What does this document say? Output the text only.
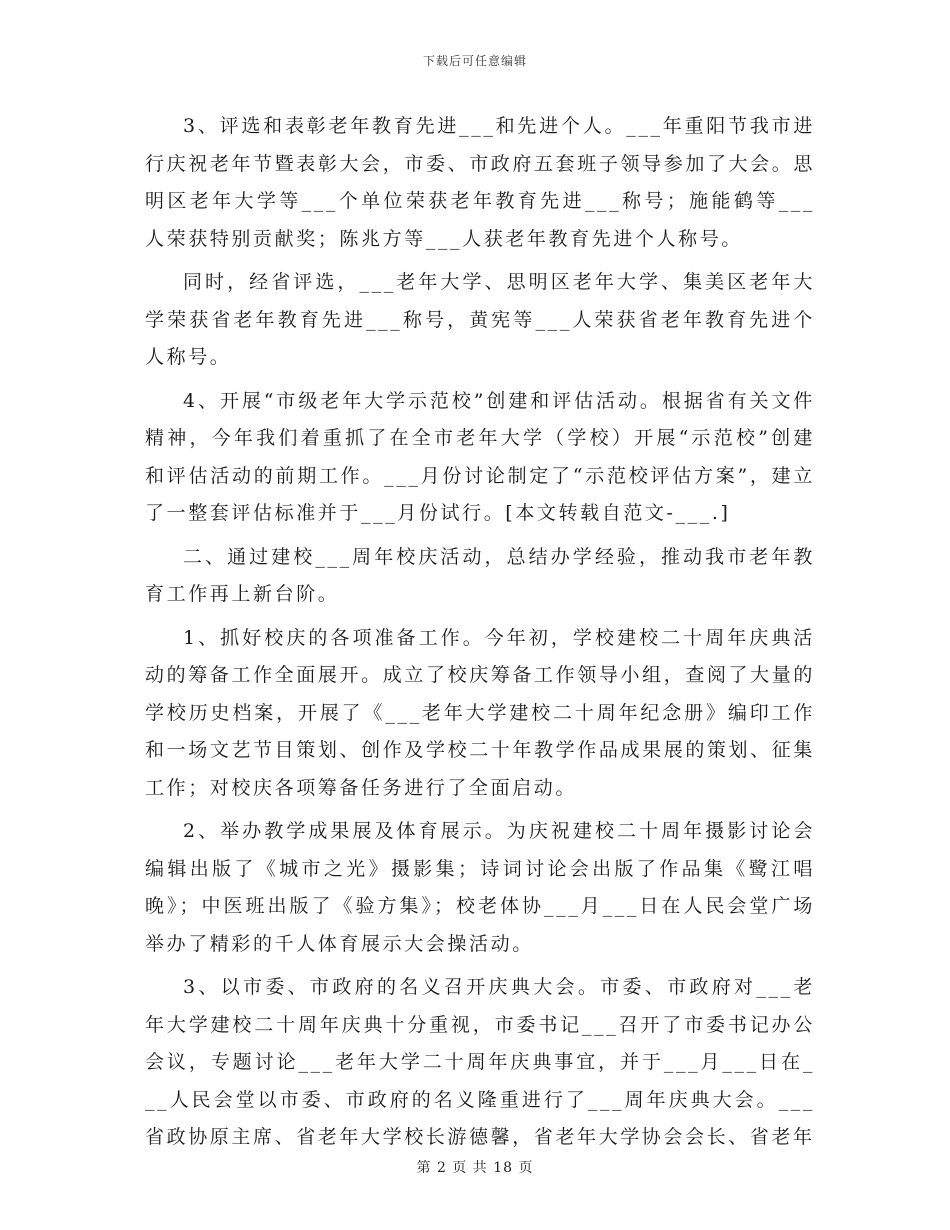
下载后可任意编辑

3、评选和表彰老年教育先进___和先进个人。___年重阳节我市进行庆祝老年节暨表彰大会，市委、市政府五套班子领导参加了大会。思明区老年大学等___个单位荣获老年教育先进___称号；施能鹤等___人荣获特别贡献奖；陈兆方等___人获老年教育先进个人称号。

同时，经省评选，___老年大学、思明区老年大学、集美区老年大学荣获省老年教育先进___称号，黄宪等___人荣获省老年教育先进个人称号。

4、开展“市级老年大学示范校”创建和评估活动。根据省有关文件精神，今年我们着重抓了在全市老年大学（学校）开展“示范校”创建和评估活动的前期工作。___月份讨论制定了“示范校评估方案”，建立了一整套评估标准并于___月份试行。[本文转载自范文-___.]

二、通过建校___周年校庆活动，总结办学经验，推动我市老年教育工作再上新台阶。

1、抓好校庆的各项准备工作。今年初，学校建校二十周年庆典活动的筹备工作全面展开。成立了校庆筹备工作领导小组，查阅了大量的学校历史档案，开展了《___老年大学建校二十周年纪念册》编印工作和一场文艺节目策划、创作及学校二十年教学作品成果展的策划、征集工作；对校庆各项筹备任务进行了全面启动。

2、举办教学成果展及体育展示。为庆祝建校二十周年摄影讨论会编辑出版了《城市之光》摄影集；诗词讨论会出版了作品集《鹭江唱晚》；中医班出版了《验方集》；校老体协___月___日在人民会堂广场举办了精彩的千人体育展示大会操活动。

3、以市委、市政府的名义召开庆典大会。市委、市政府对___老年大学建校二十周年庆典十分重视，市委书记___召开了市委书记办公会议，专题讨论___老年大学二十周年庆典事宜，并于___月___日在___人民会堂以市委、市政府的名义隆重进行了___周年庆典大会。___省政协原主席、省老年大学校长游德馨，省老年大学协会会长、省老年

第 2 页 共 18 页
